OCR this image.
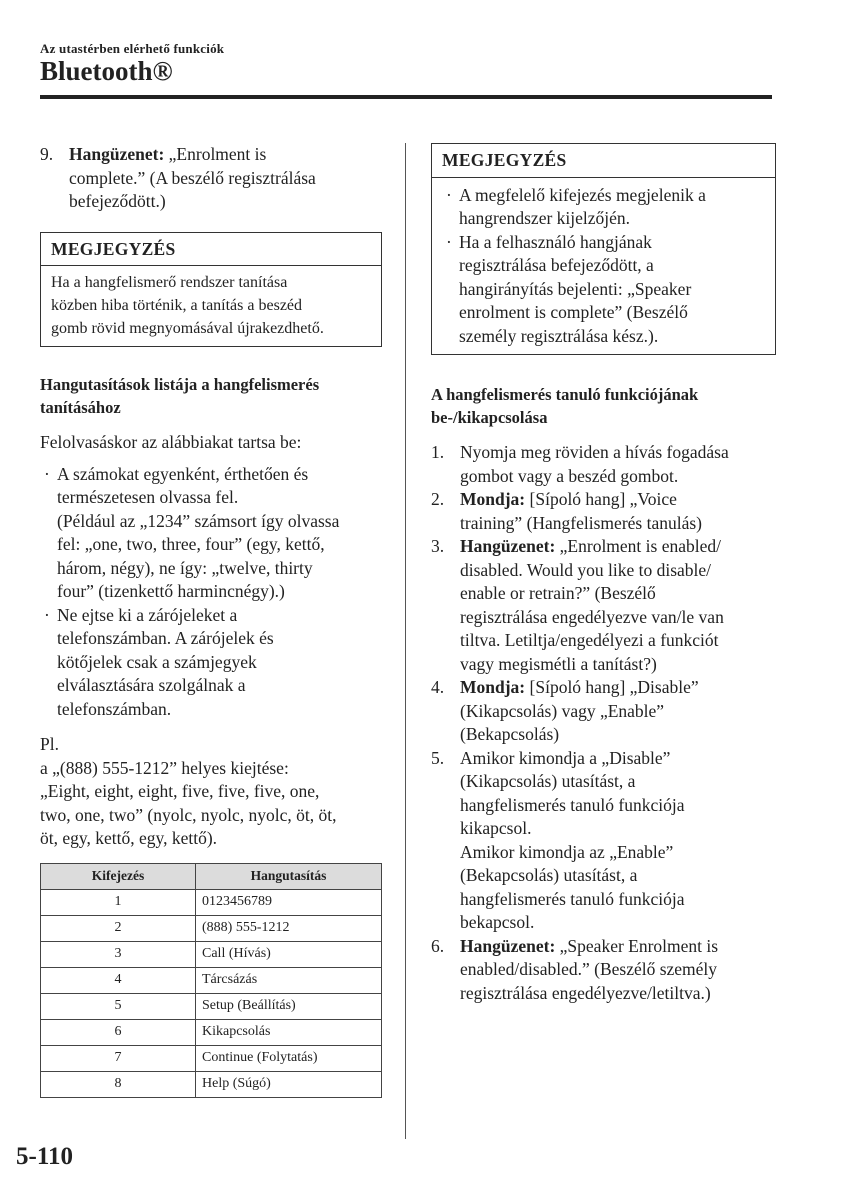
Az utastérben elérhető funkciók
Bluetooth®
9. Hangüzenet: „Enrolment is
complete.” (A beszélő regisztrálása
befejeződött.)
MEGJEGYZÉS
Ha a hangfelismerő rendszer tanítása
közben hiba történik, a tanítás a beszéd
gomb rövid megnyomásával újrakezdhető.
Hangutasítások listája a hangfelismerés
tanításához
Felolvasáskor az alábbiakat tartsa be:
· A számokat egyenként, érthetően és
természetesen olvassa fel.
(Például az „1234” számsort így olvassa
fel: „one, two, three, four” (egy, kettő,
három, négy), ne így: „twelve, thirty
four” (tizenkettő harmincnégy).)
· Ne ejtse ki a zárójeleket a
telefonszámban. A zárójelek és
kötőjelek csak a számjegyek
elválasztására szolgálnak a
telefonszámban.
Pl.
a „(888) 555-1212” helyes kiejtése:
„Eight, eight, eight, five, five, five, one,
two, one, two” (nyolc, nyolc, nyolc, öt, öt,
öt, egy, kettő, egy, kettő).
Kifejezés	Hangutasítás
1	0123456789
2	(888) 555-1212
3	Call (Hívás)
4	Tárcsázás
5	Setup (Beállítás)
6	Kikapcsolás
7	Continue (Folytatás)
8	Help (Súgó)
MEGJEGYZÉS
· A megfelelő kifejezés megjelenik a
hangrendszer kijelzőjén.
· Ha a felhasználó hangjának
regisztrálása befejeződött, a
hangirányítás bejelenti: „Speaker
enrolment is complete” (Beszélő
személy regisztrálása kész.).
A hangfelismerés tanuló funkciójának
be-/kikapcsolása
1. Nyomja meg röviden a hívás fogadása
gombot vagy a beszéd gombot.
2. Mondja: [Sípoló hang] „Voice
training” (Hangfelismerés tanulás)
3. Hangüzenet: „Enrolment is enabled/
disabled. Would you like to disable/
enable or retrain?” (Beszélő
regisztrálása engedélyezve van/le van
tiltva. Letiltja/engedélyezi a funkciót
vagy megismétli a tanítást?)
4. Mondja: [Sípoló hang] „Disable”
(Kikapcsolás) vagy „Enable”
(Bekapcsolás)
5. Amikor kimondja a „Disable”
(Kikapcsolás) utasítást, a
hangfelismerés tanuló funkciója
kikapcsol.
Amikor kimondja az „Enable”
(Bekapcsolás) utasítást, a
hangfelismerés tanuló funkciója
bekapcsol.
6. Hangüzenet: „Speaker Enrolment is
enabled/disabled.” (Beszélő személy
regisztrálása engedélyezve/letiltva.)
5-110
